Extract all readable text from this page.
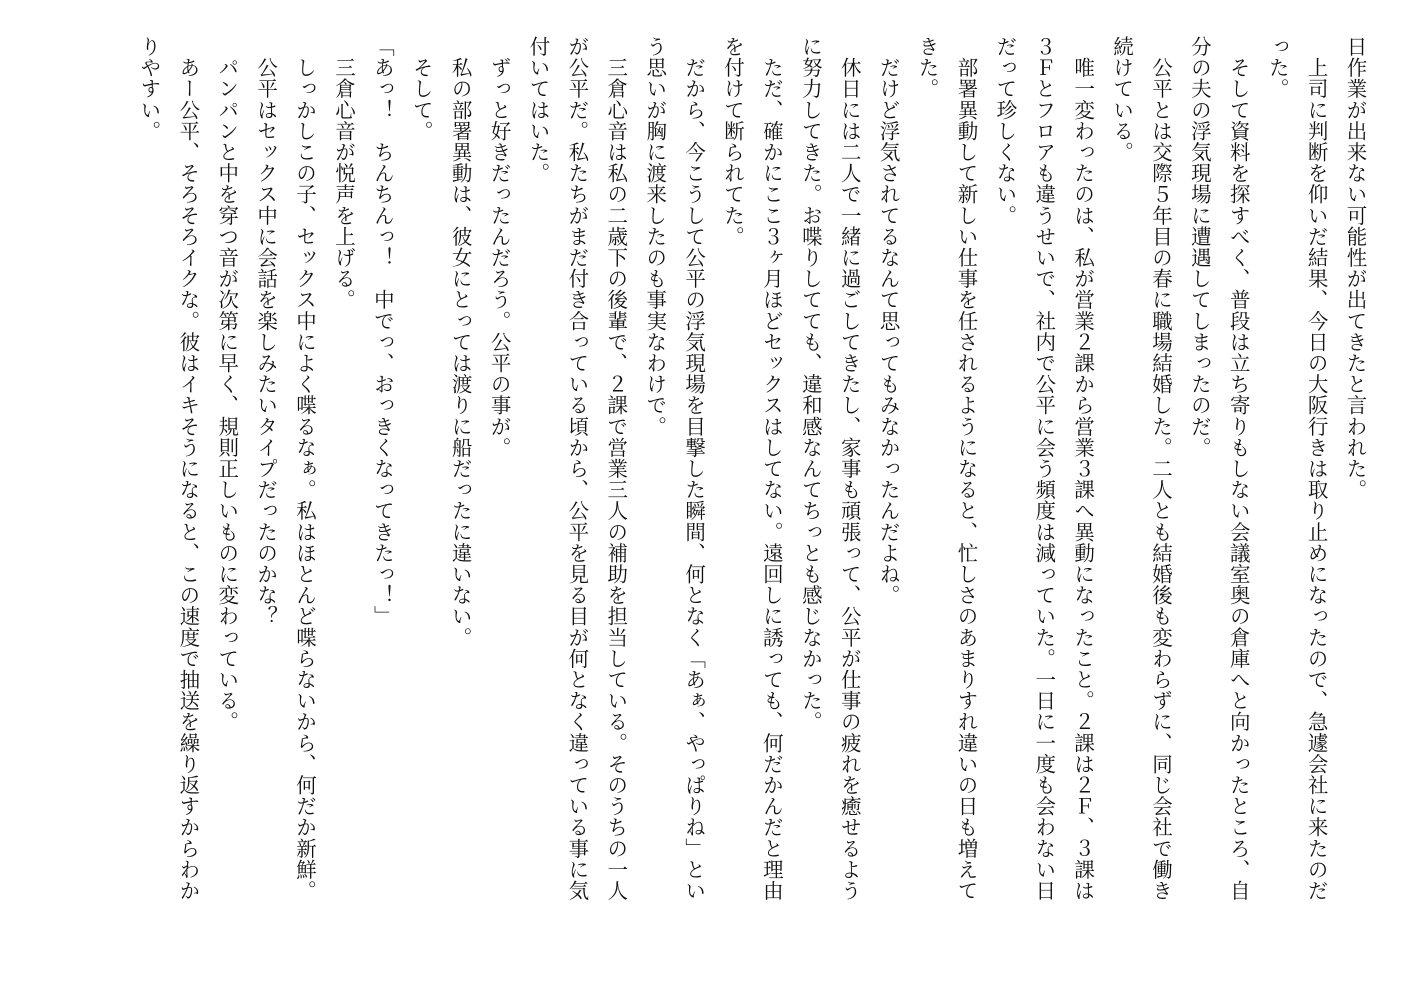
日作業が出来ない可能性が出てきたと言われた。
　上司に判断を仰いだ結果、今日の大阪行きは取り止めになったので、急遽会社に来たのだ
った。
　そして資料を探すべく、普段は立ち寄りもしない会議室奥の倉庫へと向かったところ、自
分の夫の浮気現場に遭遇してしまったのだ。
　公平とは交際５年目の春に職場結婚した。二人とも結婚後も変わらずに、同じ会社で働き
続けている。
　唯一変わったのは、私が営業２課から営業３課へ異動になったこと。２課は２Ｆ、３課は
３Ｆとフロアも違うせいで、社内で公平に会う頻度は減っていた。一日に一度も会わない日
だって珍しくない。
　部署異動して新しい仕事を任されるようになると、忙しさのあまりすれ違いの日も増えて
きた。
　だけど浮気されてるなんて思ってもみなかったんだよね。
　休日には二人で一緒に過ごしてきたし、家事も頑張って、公平が仕事の疲れを癒せるよう
に努力してきた。お喋りしてても、違和感なんてちっとも感じなかった。
　ただ、確かにここ３ヶ月ほどセックスはしてない。遠回しに誘っても、何だかんだと理由
を付けて断られてた。
　だから、今こうして公平の浮気現場を目撃した瞬間、何となく「あぁ、やっぱりね」とい
う思いが胸に渡来したのも事実なわけで。
　三倉心音は私の二歳下の後輩で、２課で営業三人の補助を担当している。そのうちの一人
が公平だ。私たちがまだ付き合っている頃から、公平を見る目が何となく違っている事に気
付いてはいた。
　ずっと好きだったんだろう。公平の事が。
　私の部署異動は、彼女にとっては渡りに船だったに違いない。
　そして。
「あっ！　ちんちんっ！　中でっ、おっきくなってきたっ！」
　三倉心音が悦声を上げる。
　しっかしこの子、セックス中によく喋るなぁ。私はほとんど喋らないから、何だか新鮮。
　公平はセックス中に会話を楽しみたいタイプだったのかな？
　パンパンと中を穿つ音が次第に早く、規則正しいものに変わっている。
　あー公平、そろそろイクな。彼はイキそうになると、この速度で抽送を繰り返すからわか
りやすい。
